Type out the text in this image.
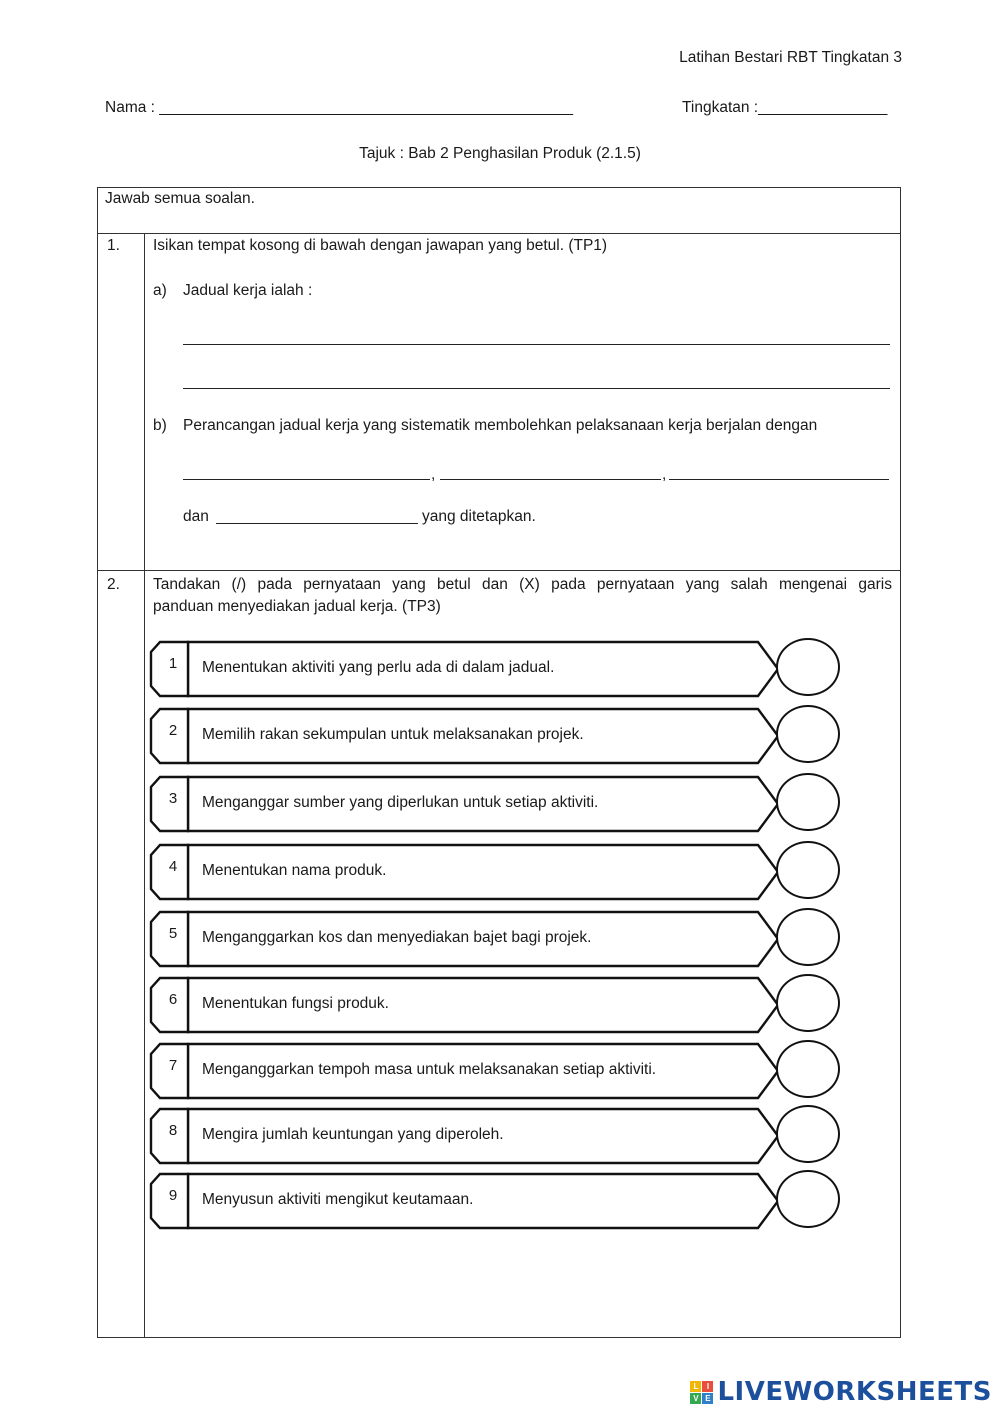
Latihan Bestari RBT Tingkatan 3
Nama : ________________________________________________	Tingkatan :_______________
Tajuk : Bab 2 Penghasilan Produk (2.1.5)
Jawab semua soalan.
1. Isikan tempat kosong di bawah dengan jawapan yang betul. (TP1)
a) Jadual kerja ialah :
b) Perancangan jadual kerja yang sistematik membolehkan pelaksanaan kerja berjalan dengan
,	,
dan	yang ditetapkan.
2. Tandakan (/) pada pernyataan yang betul dan (X) pada pernyataan yang salah mengenai garis
panduan menyediakan jadual kerja. (TP3)
1	Menentukan aktiviti yang perlu ada di dalam jadual.
2	Memilih rakan sekumpulan untuk melaksanakan projek.
3	Menganggar sumber yang diperlukan untuk setiap aktiviti.
4	Menentukan nama produk.
5	Menganggarkan kos dan menyediakan bajet bagi projek.
6	Menentukan fungsi produk.
7	Menganggarkan tempoh masa untuk melaksanakan setiap aktiviti.
8	Mengira jumlah keuntungan yang diperoleh.
9	Menyusun aktiviti mengikut keutamaan.
L	I
V E LIVEWORKSHEETS
